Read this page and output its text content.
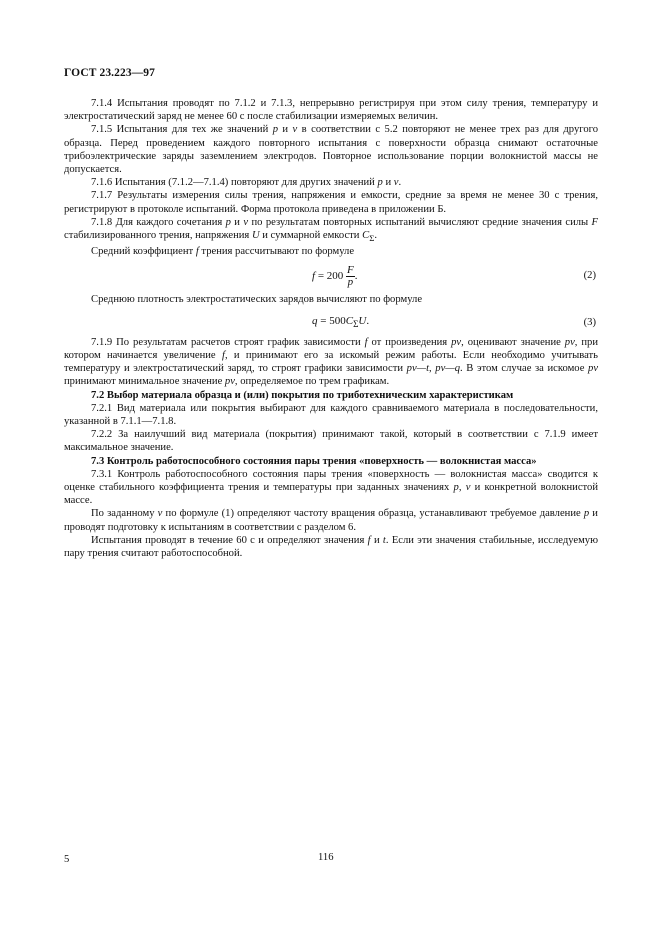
ГОСТ 23.223—97

7.1.4 Испытания проводят по 7.1.2 и 7.1.3, непрерывно регистрируя при этом силу трения, температуру и электростатический заряд не менее 60 с после стабилизации измеряемых величин.

7.1.5 Испытания для тех же значений p и v в соответствии с 5.2 повторяют не менее трех раз для другого образца. Перед проведением каждого повторного испытания с поверхности образца снимают остаточные трибоэлектрические заряды заземлением электродов. Повторное использование порции волокнистой массы не допускается.

7.1.6 Испытания (7.1.2—7.1.4) повторяют для других значений p и v.

7.1.7 Результаты измерения силы трения, напряжения и емкости, средние за время не менее 30 с трения, регистрируют в протоколе испытаний. Форма протокола приведена в приложении Б.

7.1.8 Для каждого сочетания p и v по результатам повторных испытаний вычисляют средние значения силы F стабилизированного трения, напряжения U и суммарной емкости $C_\Sigma$.

Средний коэффициент f трения рассчитывают по формуле

$f = 200 \frac{F}{p}$ .	(2)

Среднюю плотность электростатических зарядов вычисляют по формуле

$q = 500C_\Sigma U$.	(3)

7.1.9 По результатам расчетов строят график зависимости f от произведения pv, оценивают значение pv, при котором начинается увеличение f, и принимают его за искомый режим работы. Если необходимо учитывать температуру и электростатический заряд, то строят графики зависимости pv—t, pv—q. В этом случае за искомое pv принимают минимальное значение pv, определяемое по трем графикам.

7.2 Выбор материала образца и (или) покрытия по триботехническим характеристикам

7.2.1 Вид материала или покрытия выбирают для каждого сравниваемого материала в последовательности, указанной в 7.1.1—7.1.8.

7.2.2 За наилучший вид материала (покрытия) принимают такой, который в соответствии с 7.1.9 имеет максимальное значение.

7.3 Контроль работоспособного состояния пары трения «поверхность — волокнистая масса»

7.3.1 Контроль работоспособного состояния пары трения «поверхность — волокнистая масса» сводится к оценке стабильного коэффициента трения и температуры при заданных значениях p, v и конкретной волокнистой массе.

По заданному v по формуле (1) определяют частоту вращения образца, устанавливают требуемое давление p и проводят подготовку к испытаниям в соответствии с разделом 6.

Испытания проводят в течение 60 с и определяют значения f и t. Если эти значения стабильные, исследуемую пару трения считают работоспособной.

5	116
